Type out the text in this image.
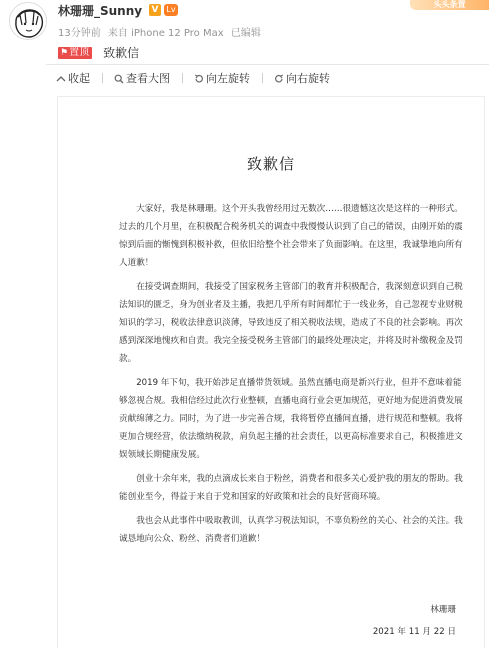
林珊珊_Sunny V Lv
13分钟前 来自 iPhone 12 Pro Max 已编辑
头头条置
⚑置顶 致歉信
收起	查看大图	向左旋转	向右旋转
致歉信

大家好，我是林珊珊。这个开头我曾经用过无数次……很遗憾这次是这样的一种形式。过去的几个月里，在积极配合税务机关的调查中我慢慢认识到了自己的错误，由刚开始的震惊到后面的惭愧到积极补救，但依旧给整个社会带来了负面影响。在这里，我诚挚地向所有人道歉！

在接受调查期间，我接受了国家税务主管部门的教育并积极配合，我深刻意识到自己税法知识的匮乏，身为创业者及主播，我把几乎所有时间都忙于一线业务，自己忽视专业财税知识的学习，税收法律意识淡薄，导致违反了相关税收法规，造成了不良的社会影响。再次感到深深地愧疚和自责。我完全接受税务主管部门的最终处理决定，并将及时补缴税金及罚款。

2019 年下旬，我开始涉足直播带货领域。虽然直播电商是新兴行业，但并不意味着能够忽视合规。我相信经过此次行业整顿，直播电商行业会更加规范，更好地为促进消费发展贡献绵薄之力。同时，为了进一步完善合规，我将暂停直播间直播，进行规范和整顿。我将更加合规经营，依法缴纳税款，肩负起主播的社会责任，以更高标准要求自己，积极推进文娱领域长期健康发展。

创业十余年来，我的点滴成长来自于粉丝，消费者和很多关心爱护我的朋友的帮助。我能创业至今，得益于来自于党和国家的好政策和社会的良好营商环境。

我也会从此事件中吸取教训，认真学习税法知识，不辜负粉丝的关心、社会的关注。我诚恳地向公众、粉丝、消费者们道歉！

林珊珊
2021 年 11 月 22 日
